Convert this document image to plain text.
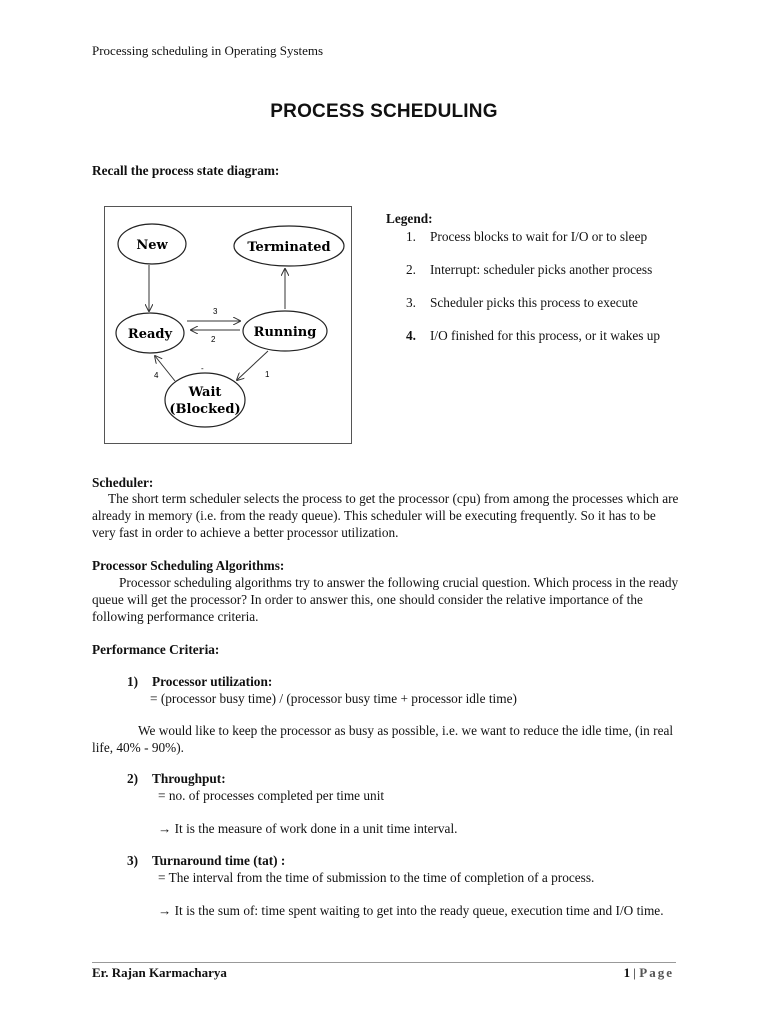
Processing scheduling in Operating Systems
PROCESS SCHEDULING
Recall the process state diagram:
New	Terminated
Ready	Running
Wait
(Blocked)
3
2
1
4
-
Legend:
1. Process blocks to wait for I/O or to sleep
2. Interrupt: scheduler picks another process
3. Scheduler picks this process to execute
4. I/O finished for this process, or it wakes up
Scheduler:
The short term scheduler selects the process to get the processor (cpu) from among the processes which are already in memory (i.e. from the ready queue). This scheduler will be executing frequently. So it has to be very fast in order to achieve a better processor utilization.
Processor Scheduling Algorithms:
Processor scheduling algorithms try to answer the following crucial question. Which process in the ready queue will get the processor? In order to answer this, one should consider the relative importance of the following performance criteria.
Performance Criteria:
1) Processor utilization:
= (processor busy time) / (processor busy time + processor idle time)
We would like to keep the processor as busy as possible, i.e. we want to reduce the idle time, (in real life, 40% - 90%).
2) Throughput:
= no. of processes completed per time unit
→ It is the measure of work done in a unit time interval.
3) Turnaround time (tat) :
= The interval from the time of submission to the time of completion of a process.
→ It is the sum of: time spent waiting to get into the ready queue, execution time and I/O time.
Er. Rajan Karmacharya	1 | Page
